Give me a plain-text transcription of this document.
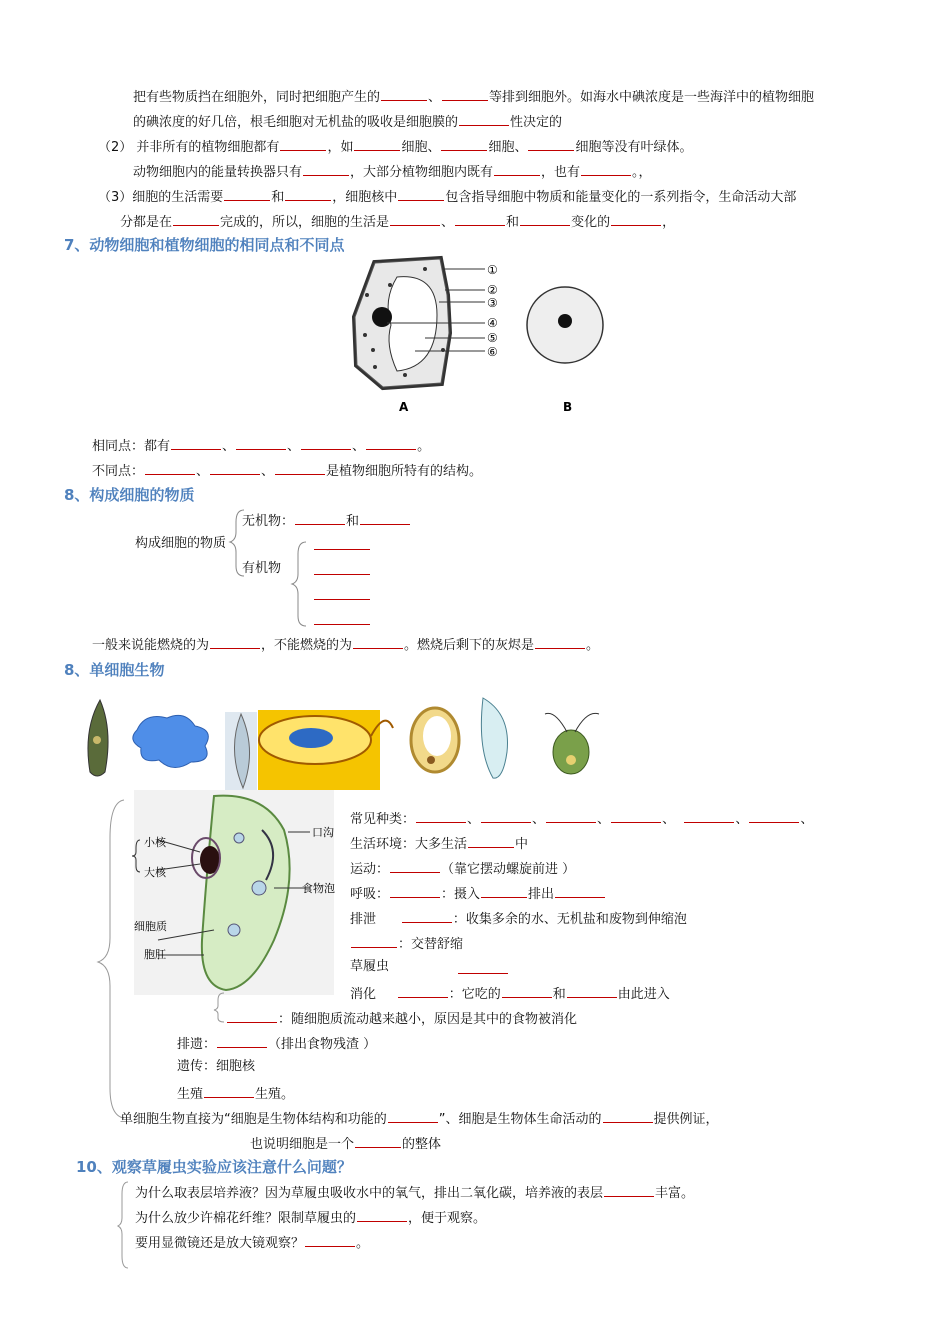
把有些物质挡在细胞外，同时把细胞产生的	、	等排到细胞外。如海水中碘浓度是一些海洋中的植物细胞
的碘浓度的好几倍，根毛细胞对无机盐的吸收是细胞膜的	性决定的
（2） 并非所有的植物细胞都有	，如	细胞、	细胞、	细胞等没有叶绿体。
动物细胞内的能量转换器只有	，大部分植物细胞内既有	，也有	。，
（3）细胞的生活需要	和	，细胞核中	包含指导细胞中物质和能量变化的一系列指令，生命活动大部
分都是在	完成的，所以，细胞的生活是	、	和	变化的	，
7、动物细胞和植物细胞的相同点和不同点
①
②
③
④
⑤
⑥
A	B
相同点：都有	、	、	、	。
不同点：	、	、	是植物细胞所特有的结构。
8、构成细胞的物质
构成细胞的物质
无机物：	和
有机物
一般来说能燃烧的为	，不能燃烧的为	。燃烧后剩下的灰烬是	。
8、单细胞生物
小核
大核
细胞质
胞肛
口沟
食物泡
常见种类：	、	、	、	、	、	、
生活环境：大多生活	中
运动：	（靠它摆动螺旋前进 ）
呼吸：	：摄入	排出
排泄	：收集多余的水、无机盐和废物到伸缩泡
：交替舒缩
草履虫
消化	：它吃的	和	由此进入
：随细胞质流动越来越小，原因是其中的食物被消化
排遗：	（排出食物残渣 ）
遗传：细胞核
生殖	生殖。
单细胞生物直接为“细胞是生物体结构和功能的	”、细胞是生物体生命活动的	提供例证，
也说明细胞是一个	的整体
10、观察草履虫实验应该注意什么问题？
为什么取表层培养液？因为草履虫吸收水中的氧气，排出二氧化碳，培养液的表层	丰富。
为什么放少许棉花纤维？限制草履虫的	，便于观察。
要用显微镜还是放大镜观察？	。
